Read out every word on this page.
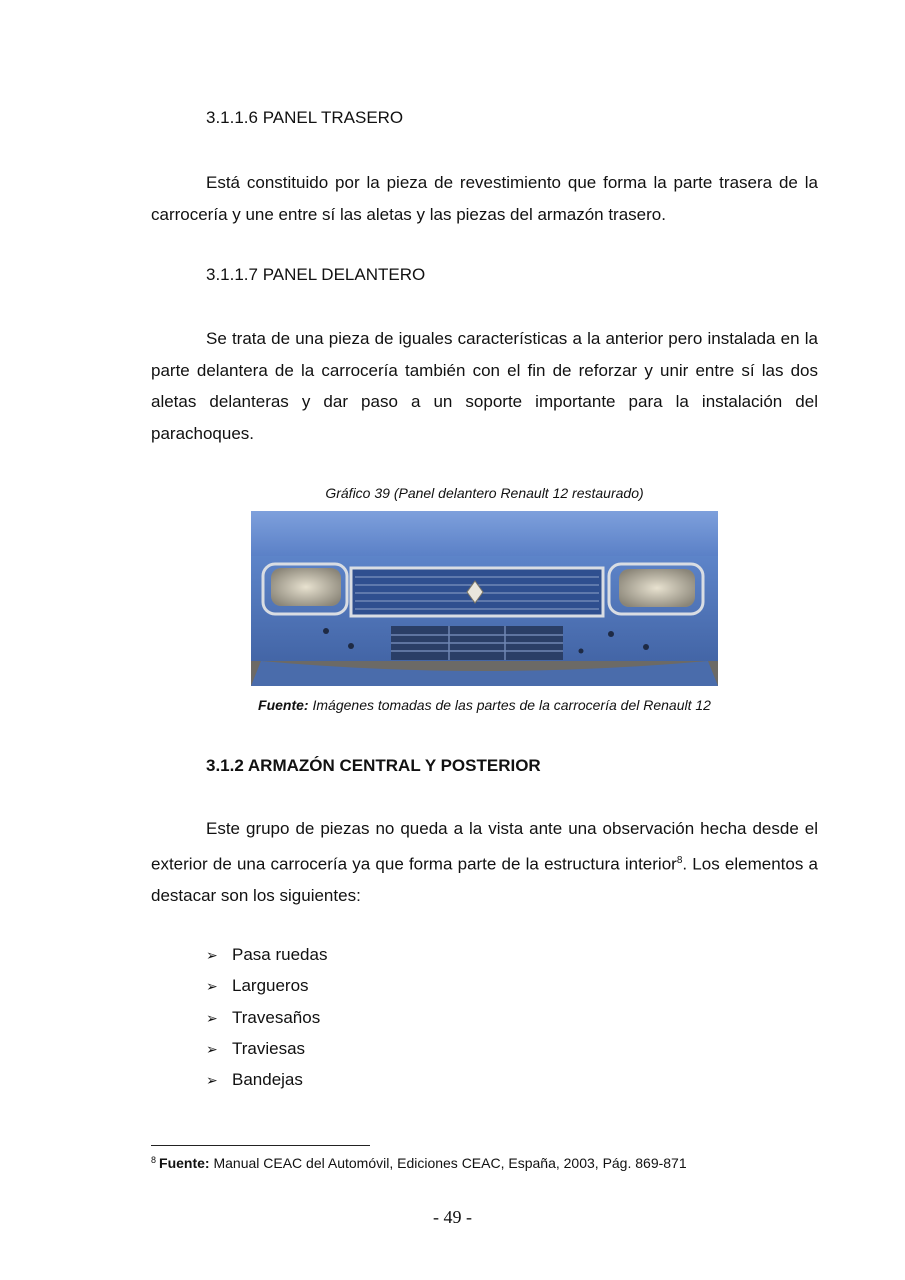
3.1.1.6 PANEL TRASERO
Está constituido por la pieza de revestimiento que forma la parte trasera de la carrocería y une entre sí las aletas y las piezas del armazón trasero.
3.1.1.7 PANEL DELANTERO
Se trata de una pieza de iguales características a la anterior pero instalada en la parte delantera de la carrocería también con el fin de reforzar y unir entre sí las dos aletas delanteras y dar paso a un soporte importante para la instalación del parachoques.
Gráfico 39 (Panel delantero Renault 12 restaurado)
Fuente: Imágenes tomadas de las partes de la carrocería del Renault 12
3.1.2 ARMAZÓN CENTRAL Y POSTERIOR
Este grupo de piezas no queda a la vista ante una observación hecha desde el exterior de una carrocería ya que forma parte de la estructura interior$^8$. Los elementos a destacar son los siguientes:
➢ Pasa ruedas
➢ Largueros
➢ Travesaños
➢ Traviesas
➢ Bandejas
$^8$ Fuente: Manual CEAC del Automóvil, Ediciones CEAC, España, 2003, Pág. 869-871
- 49 -
